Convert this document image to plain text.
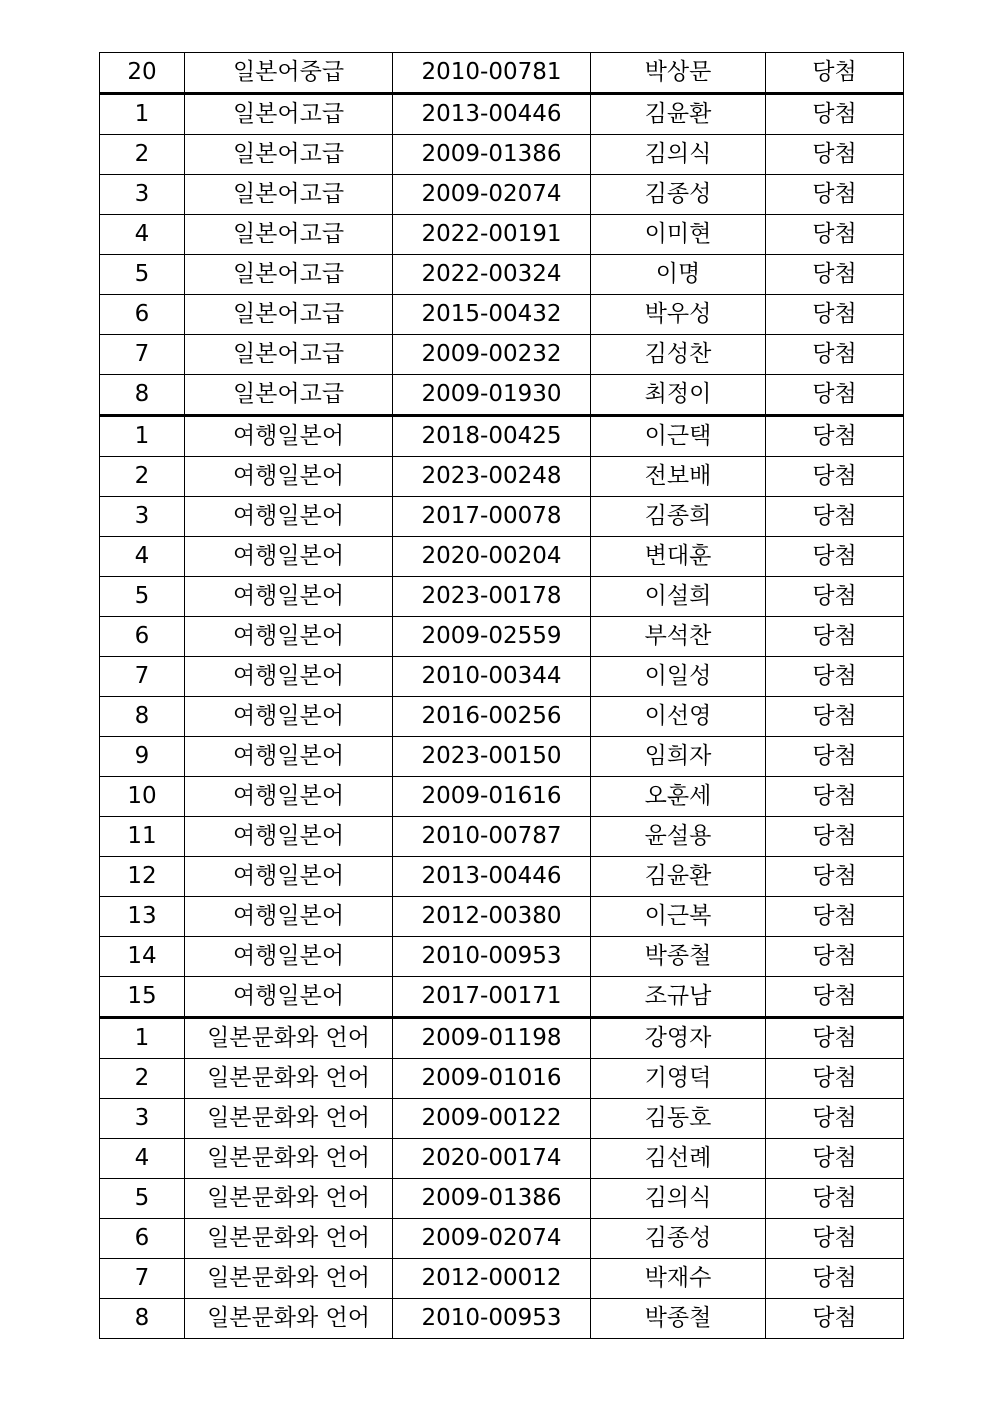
20	일본어중급	2010-00781	박상문	당첨
1	일본어고급	2013-00446	김윤환	당첨
2	일본어고급	2009-01386	김의식	당첨
3	일본어고급	2009-02074	김종성	당첨
4	일본어고급	2022-00191	이미현	당첨
5	일본어고급	2022-00324	이명	당첨
6	일본어고급	2015-00432	박우성	당첨
7	일본어고급	2009-00232	김성찬	당첨
8	일본어고급	2009-01930	최정이	당첨
1	여행일본어	2018-00425	이근택	당첨
2	여행일본어	2023-00248	전보배	당첨
3	여행일본어	2017-00078	김종희	당첨
4	여행일본어	2020-00204	변대훈	당첨
5	여행일본어	2023-00178	이설희	당첨
6	여행일본어	2009-02559	부석찬	당첨
7	여행일본어	2010-00344	이일성	당첨
8	여행일본어	2016-00256	이선영	당첨
9	여행일본어	2023-00150	임희자	당첨
10	여행일본어	2009-01616	오훈세	당첨
11	여행일본어	2010-00787	윤설용	당첨
12	여행일본어	2013-00446	김윤환	당첨
13	여행일본어	2012-00380	이근복	당첨
14	여행일본어	2010-00953	박종철	당첨
15	여행일본어	2017-00171	조규남	당첨
1	일본문화와 언어	2009-01198	강영자	당첨
2	일본문화와 언어	2009-01016	기영덕	당첨
3	일본문화와 언어	2009-00122	김동호	당첨
4	일본문화와 언어	2020-00174	김선례	당첨
5	일본문화와 언어	2009-01386	김의식	당첨
6	일본문화와 언어	2009-02074	김종성	당첨
7	일본문화와 언어	2012-00012	박재수	당첨
8	일본문화와 언어	2010-00953	박종철	당첨
